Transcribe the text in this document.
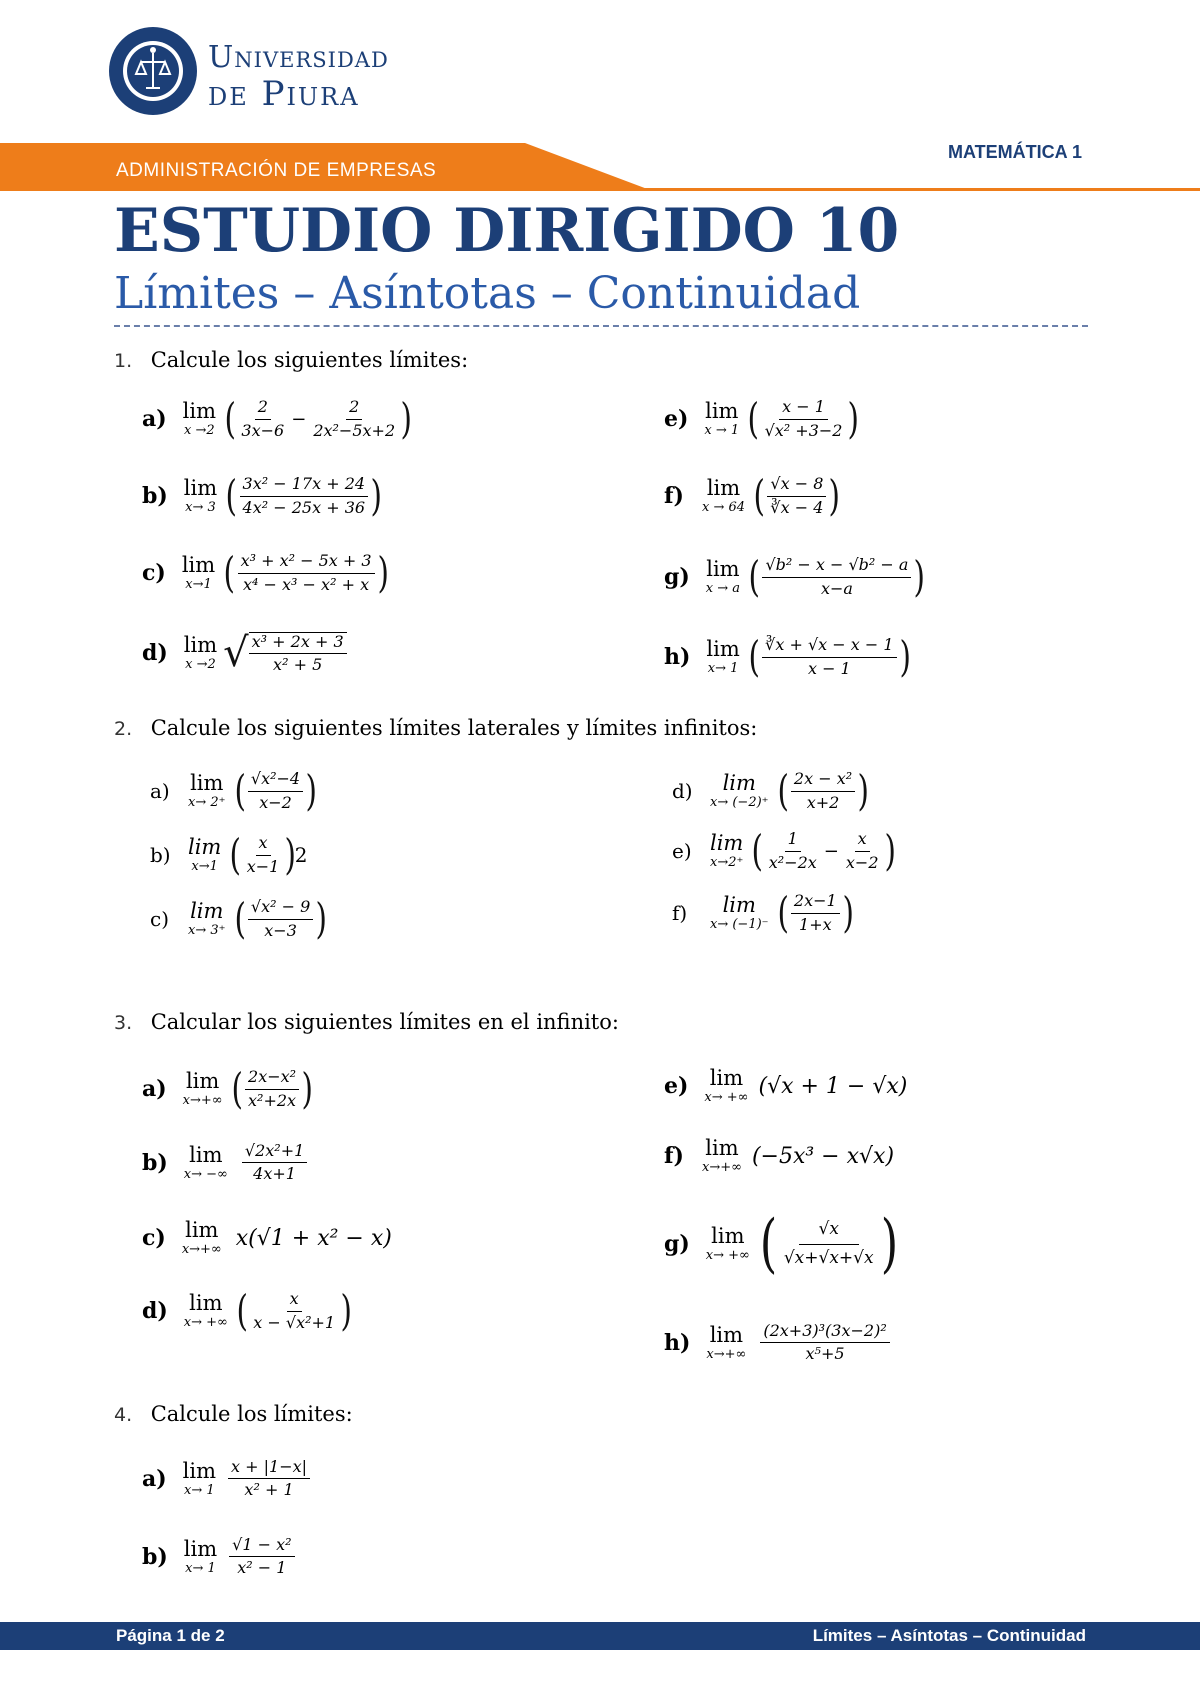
Universidad
de Piura
ADMINISTRACIÓN DE EMPRESAS
MATEMÁTICA 1
ESTUDIO DIRIGIDO 10
Límites – Asíntotas – Continuidad
1. Calcule los siguientes límites:
a) lim
x →2 ( $\frac{2}{3x-6} - \frac{2}{\text{2x²−5x+2}}$ )
b) lim
x→ 3 ( $\frac{\text{3x² − 17x + 24}}{\text{4x² − 25x + 36}}$ )
c) lim
x→1 ( $\frac{\text{x³ + x² − 5x + 3}}{\text{x⁴ − x³ − x² + x}}$ )
d) lim
x →2 √ $\frac{\text{x³ + 2x + 3}}{\text{x² + 5}}$
e) lim
x → 1 ( $\frac{x - 1}{\text{√x² +3−2}}$ )
f) lim
x → 64 ( $\frac{√x - 8}{∛x - 4}$ )
g) lim
x → a ( $\frac{\text{√b² − x − √b² − a}}{x-a}$ )
h) lim
x→ 1 ( $\frac{∛x + √x - x - 1}{x - 1}$ )
2. Calcule los siguientes límites laterales y límites infinitos:
a) lim
x→ 2⁺ ( $\frac{\text{√x²−4}}{x-2}$ )
b) lim
x→1 ( $\frac{x}{x-1}$ )
2
c) lim
x→ 3⁺ ( $\frac{\text{√x² − 9}}{x-3}$ )
d) lim
x→ (−2)⁺ ( $\frac{\text{2x − x²}}{x+2}$ )
e) lim
x→2⁺ ( $\frac{1}{\text{x²−2x}} - \frac{x}{x-2}$ )
f)	lim
x→ (−1)⁻ ( $\frac{2x-1}{1+x}$ )
3. Calcular los siguientes límites en el infinito:
a) lim
x→+∞ ( $\frac{\text{2x−x²}}{\text{x²+2x}}$ )
b) lim
x→ −∞ $\frac{\text{√2x²+1}}{4x+1}$
c) lim
x→+∞ x(√1 + x² − x)
d) lim
x→ +∞ ( $\frac{x}{\text{x − √x²+1}}$ )
e) lim
x→ +∞ (√x + 1 − √x)
f) lim
x→+∞ (−5x³ − x√x)
g) lim
x→ +∞ ( $\frac{√x}{√x+√x+√x}$ )
h) lim
$x\to+\infty \frac{\text{(2x+3)³(3x−2)²}}{\text{x⁵+5}}$
4. Calcule los límites:
a) lim
$x\to 1 \frac{x + |1-x|}{\text{x² + 1}}$
b) lim
$x\to 1 \frac{\text{√1 − x²}}{\text{x² − 1}}$
Página 1 de 2	Límites – Asíntotas – Continuidad
